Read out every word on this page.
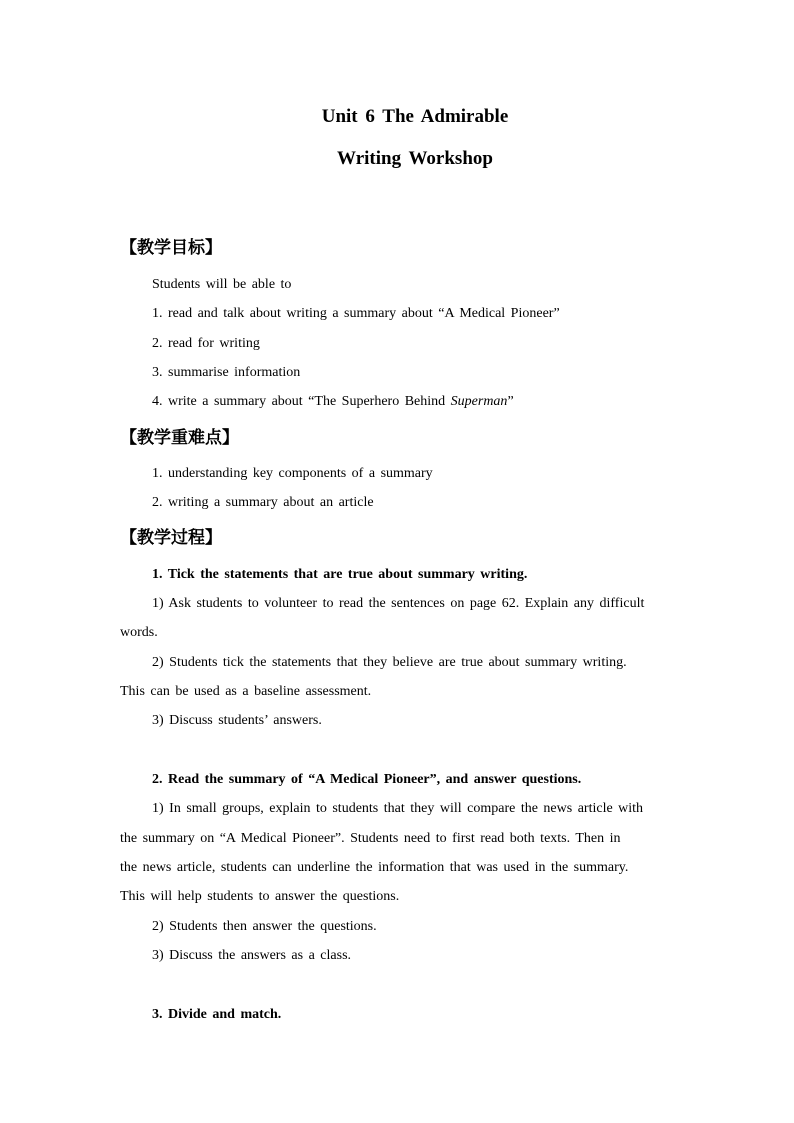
Unit 6 The Admirable
Writing Workshop
【教学目标】
Students will be able to
1. read and talk about writing a summary about “A Medical Pioneer”
2. read for writing
3. summarise information
4. write a summary about “The Superhero Behind Superman”
【教学重难点】
1. understanding key components of a summary
2. writing a summary about an article
【教学过程】
1. Tick the statements that are true about summary writing.
1) Ask students to volunteer to read the sentences on page 62. Explain any difficult
words.
2) Students tick the statements that they believe are true about summary writing.
This can be used as a baseline assessment.
3) Discuss students’ answers.
2. Read the summary of “A Medical Pioneer”, and answer questions.
1) In small groups, explain to students that they will compare the news article with
the summary on “A Medical Pioneer”. Students need to first read both texts. Then in
the news article, students can underline the information that was used in the summary.
This will help students to answer the questions.
2) Students then answer the questions.
3) Discuss the answers as a class.
3. Divide and match.
